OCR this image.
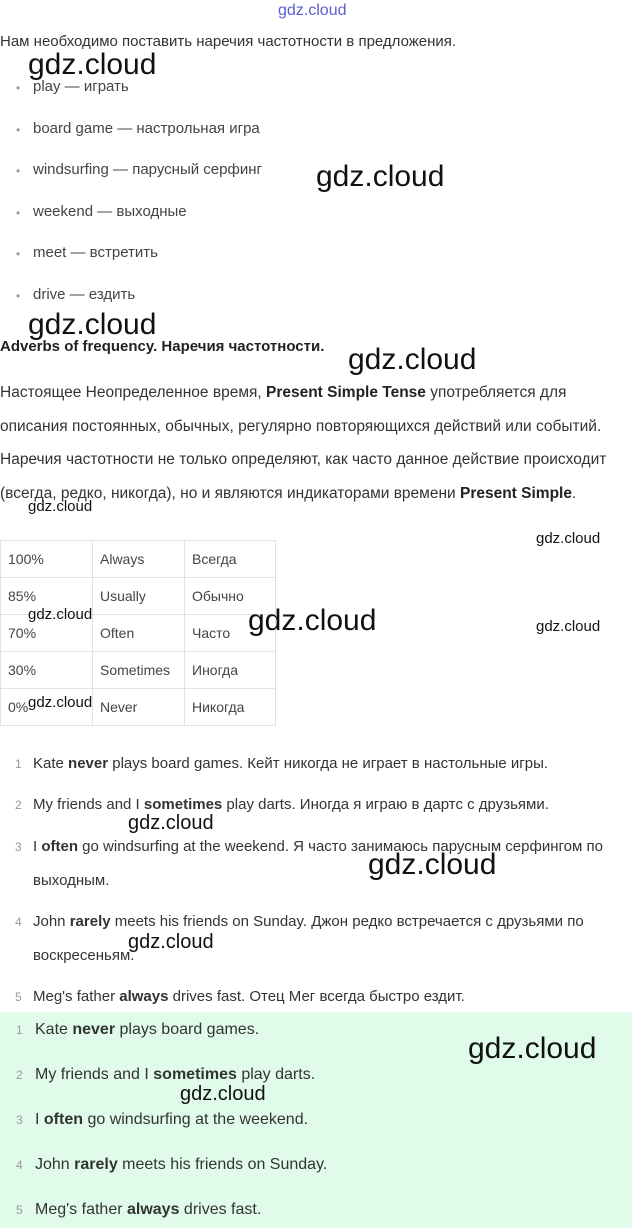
gdz.cloud
Нам необходимо поставить наречия частотности в предложения.
• play — играть
• board game — настрольная игра
• windsurfing — парусный серфинг
• weekend — выходные
• meet — встретить
• drive — ездить
Adverbs of frequency. Наречия частотности.
Настоящее Неопределенное время, Present Simple Tense употребляется для описания постоянных, обычных, регулярно повторяющихся действий или событий. Наречия частотности не только определяют, как часто данное действие происходит (всегда, редко, никогда), но и являются индикаторами времени Present Simple.
100%	Always	Всегда
85%	Usually	Обычно
70%	Often	Часто
30%	Sometimes	Иногда
0%	Never	Никогда
1 Kate never plays board games. Кейт никогда не играет в настольные игры.
2 My friends and I sometimes play darts. Иногда я играю в дартс с друзьями.
3 I often go windsurfing at the weekend. Я часто занимаюсь парусным серфингом по выходным.
4 John rarely meets his friends on Sunday. Джон редко встречается с друзьями по воскресеньям.
5 Meg's father always drives fast. Отец Мег всегда быстро ездит.
1 Kate never plays board games.
2 My friends and I sometimes play darts.
3 I often go windsurfing at the weekend.
4 John rarely meets his friends on Sunday.
5 Meg's father always drives fast.
gdz.cloud
gdz.cloud
gdz.cloud
gdz.cloud
gdz.cloud
gdz.cloud
gdz.cloud	gdz.cloud	gdz.cloud
gdz.cloud
gdz.cloud
gdz.cloud
gdz.cloud
gdz.cloud
gdz.cloud
